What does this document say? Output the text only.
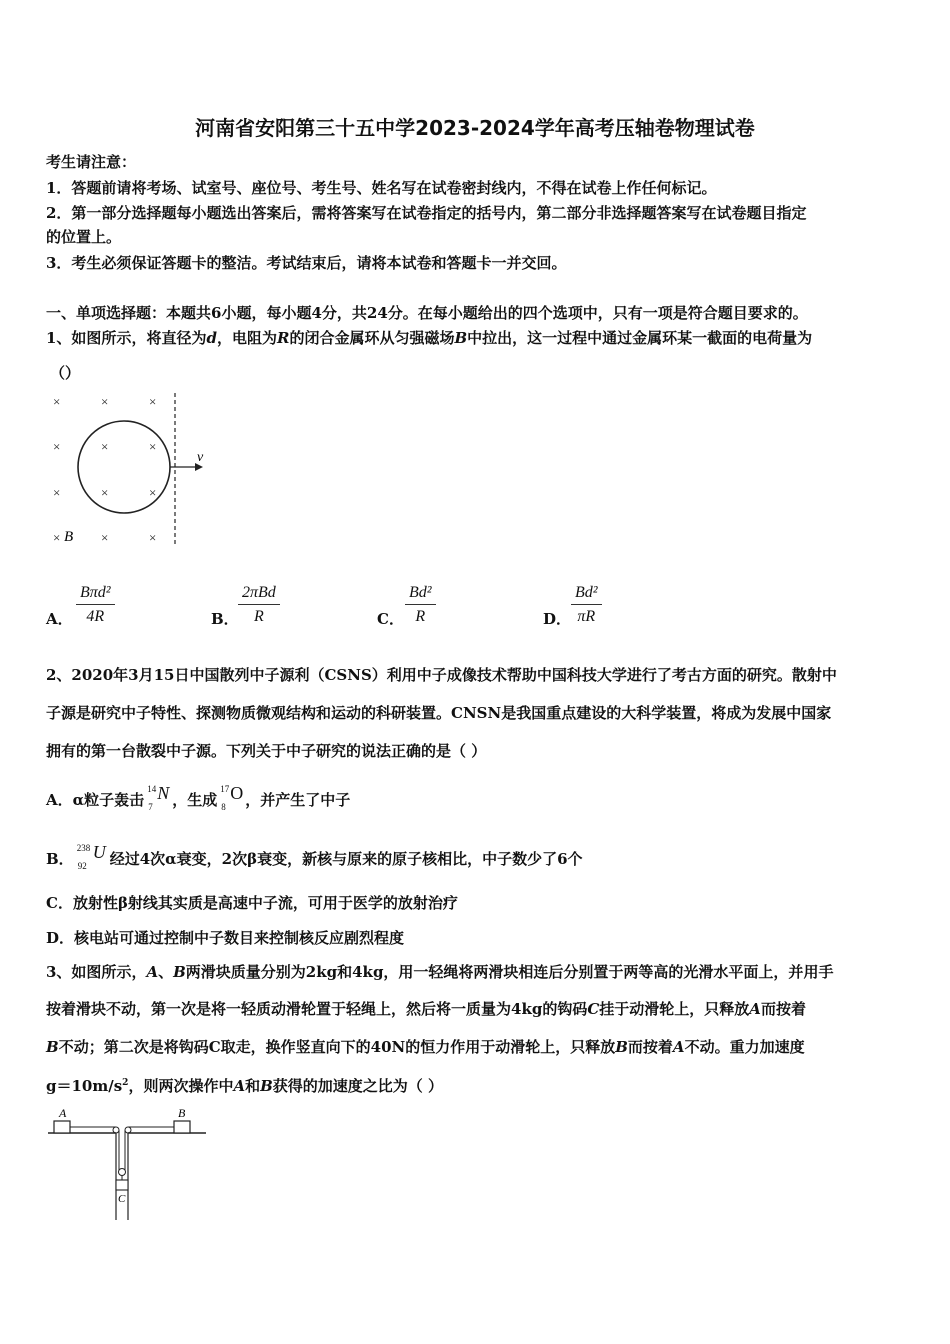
河南省安阳第三十五中学2023-2024学年高考压轴卷物理试卷
考生请注意：
1．答题前请将考场、试室号、座位号、考生号、姓名写在试卷密封线内，不得在试卷上作任何标记。
2．第一部分选择题每小题选出答案后，需将答案写在试卷指定的括号内，第二部分非选择题答案写在试卷题目指定
的位置上。
3．考生必须保证答题卡的整洁。考试结束后，请将本试卷和答题卡一并交回。
一、单项选择题：本题共6小题，每小题4分，共24分。在每小题给出的四个选项中，只有一项是符合题目要求的。
1、如图所示，将直径为d，电阻为R的闭合金属环从匀强磁场B中拉出，这一过程中通过金属环某一截面的电荷量为
（）
×	×	×
×	×	×
×	×	×
×	×	×
v
B
A．
Bπd²
4R	B．
2πBd
R	C． $\frac{\text{Bd²}}{R}$	D． $\frac{\text{Bd²}}{\pi R}$
2、2020年3月15日中国散列中子源利（CSNS）利用中子成像技术帮助中国科技大学进行了考古方面的研究。散射中
子源是研究中子特性、探测物质微观结构和运动的科研装置。CNSN是我国重点建设的大科学装置，将成为发展中国家
拥有的第一台散裂中子源。下列关于中子研究的说法正确的是（ ）
A．α粒子轰击
14
7
N ，生成
17
8
O ，并产生了中子
B．
238
92
U 经过4次α衰变，2次β衰变，新核与原来的原子核相比，中子数少了6个
C．放射性β射线其实质是高速中子流，可用于医学的放射治疗
D．核电站可通过控制中子数目来控制核反应剧烈程度
3、如图所示，A、B两滑块质量分别为2kg和4kg，用一轻绳将两滑块相连后分别置于两等高的光滑水平面上，并用手
按着滑块不动，第一次是将一轻质动滑轮置于轻绳上，然后将一质量为4kg的钩码C挂于动滑轮上，只释放A而按着
B不动；第二次是将钩码C取走，换作竖直向下的40N的恒力作用于动滑轮上，只释放B而按着A不动。重力加速度
$g=10m/s^2$，则两次操作中A和B获得的加速度之比为（ ）
A	B
C
